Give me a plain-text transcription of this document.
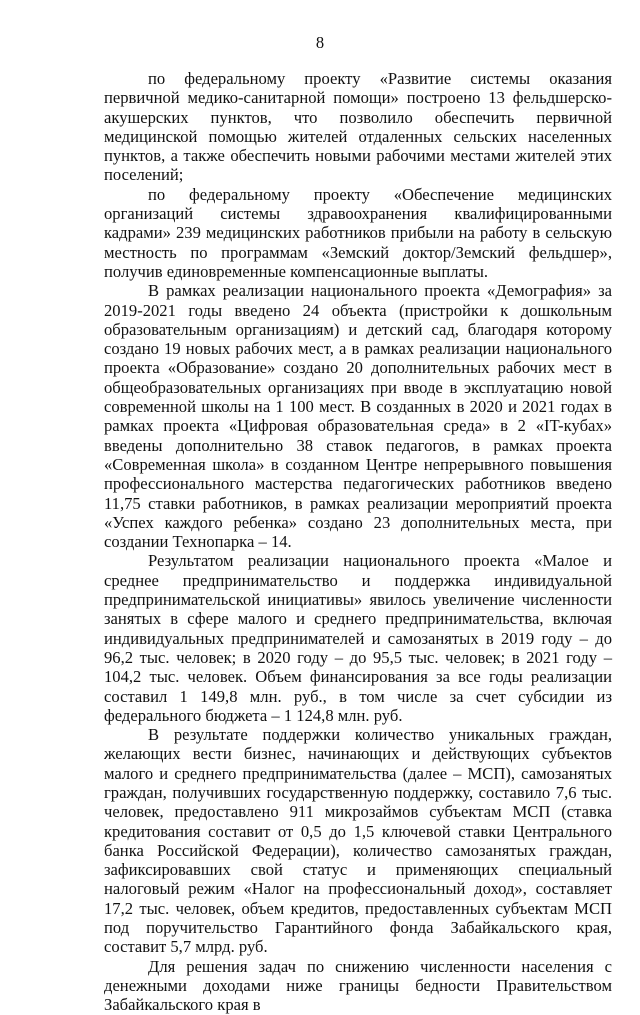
8

по федеральному проекту «Развитие системы оказания первичной медико-санитарной помощи» построено 13 фельдшерско-акушерских пунктов, что позволило обеспечить первичной медицинской помощью жителей отдаленных сельских населенных пунктов, а также обеспечить новыми рабочими местами жителей этих поселений;

по федеральному проекту «Обеспечение медицинских организаций системы здравоохранения квалифицированными кадрами» 239 медицинских работников прибыли на работу в сельскую местность по программам «Земский доктор/Земский фельдшер», получив единовременные компенсационные выплаты.

В рамках реализации национального проекта «Демография» за 2019-2021 годы введено 24 объекта (пристройки к дошкольным образовательным организациям) и детский сад, благодаря которому создано 19 новых рабочих мест, а в рамках реализации национального проекта «Образование» создано 20 дополнительных рабочих мест в общеобразовательных организациях при вводе в эксплуатацию новой современной школы на 1 100 мест. В созданных в 2020 и 2021 годах в рамках проекта «Цифровая образовательная среда» в 2 «IT-кубах» введены дополнительно 38 ставок педагогов, в рамках проекта «Современная школа» в созданном Центре непрерывного повышения профессионального мастерства педагогических работников введено 11,75 ставки работников, в рамках реализации мероприятий проекта «Успех каждого ребенка» создано 23 дополнительных места, при создании Технопарка – 14.

Результатом реализации национального проекта «Малое и среднее предпринимательство и поддержка индивидуальной предпринимательской инициативы» явилось увеличение численности занятых в сфере малого и среднего предпринимательства, включая индивидуальных предпринимателей и самозанятых в 2019 году – до 96,2 тыс. человек; в 2020 году – до 95,5 тыс. человек; в 2021 году – 104,2 тыс. человек. Объем финансирования за все годы реализации составил 1 149,8 млн. руб., в том числе за счет субсидии из федерального бюджета – 1 124,8 млн. руб.

В результате поддержки количество уникальных граждан, желающих вести бизнес, начинающих и действующих субъектов малого и среднего предпринимательства (далее – МСП), самозанятых граждан, получивших государственную поддержку, составило 7,6 тыс. человек, предоставлено 911 микрозаймов субъектам МСП (ставка кредитования составит от 0,5 до 1,5 ключевой ставки Центрального банка Российской Федерации), количество самозанятых граждан, зафиксировавших свой статус и применяющих специальный налоговый режим «Налог на профессиональный доход», составляет 17,2 тыс. человек, объем кредитов, предоставленных субъектам МСП под поручительство Гарантийного фонда Забайкальского края, составит 5,7 млрд. руб.

Для решения задач по снижению численности населения с денежными доходами ниже границы бедности Правительством Забайкальского края в
